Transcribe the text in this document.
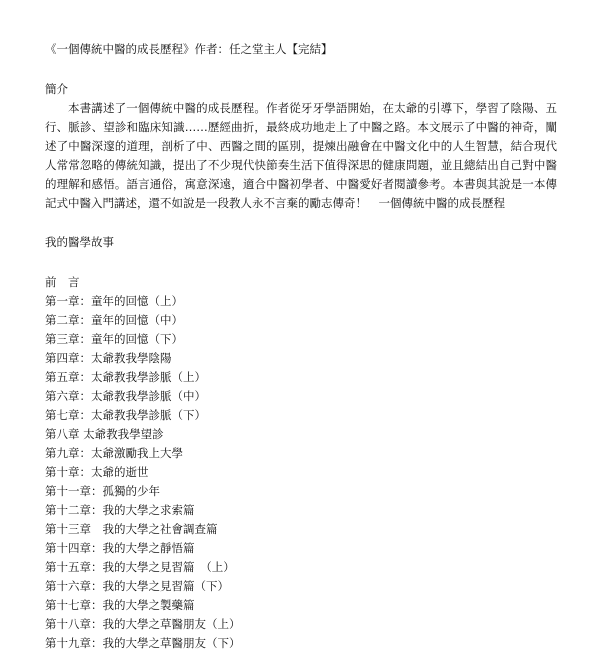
《一個傳統中醫的成長歷程》作者：任之堂主人【完結】

簡介

本書講述了一個傳統中醫的成長歷程。作者從牙牙學語開始，在太爺的引導下，學習了陰陽、五行、脈診、望診和臨床知識……歷經曲折，最終成功地走上了中醫之路。本文展示了中醫的神奇，闡述了中醫深邃的道理，剖析了中、西醫之間的區別，提煉出融會在中醫文化中的人生智慧，結合現代人常常忽略的傳統知識，提出了不少現代快節奏生活下值得深思的健康問題，並且總結出自己對中醫的理解和感悟。語言通俗，寓意深遠，適合中醫初學者、中醫愛好者閱讀參考。本書與其說是一本傳記式中醫入門講述，還不如說是一段教人永不言棄的勵志傳奇！　一個傳統中醫的成長歷程

我的醫學故事

前　言
第一章：童年的回憶（上）
第二章：童年的回憶（中）
第三章：童年的回憶（下）
第四章：太爺教我學陰陽
第五章：太爺教我學診脈（上）
第六章：太爺教我學診脈（中）
第七章：太爺教我學診脈（下）
第八章 太爺教我學望診
第九章：太爺激勵我上大學
第十章：太爺的逝世
第十一章：孤獨的少年
第十二章：我的大學之求索篇
第十三章　我的大學之社會調查篇
第十四章：我的大學之靜悟篇
第十五章：我的大學之見習篇　（上）
第十六章：我的大學之見習篇（下）
第十七章：我的大學之製藥篇
第十八章：我的大學之草醫朋友（上）
第十九章：我的大學之草醫朋友（下）
